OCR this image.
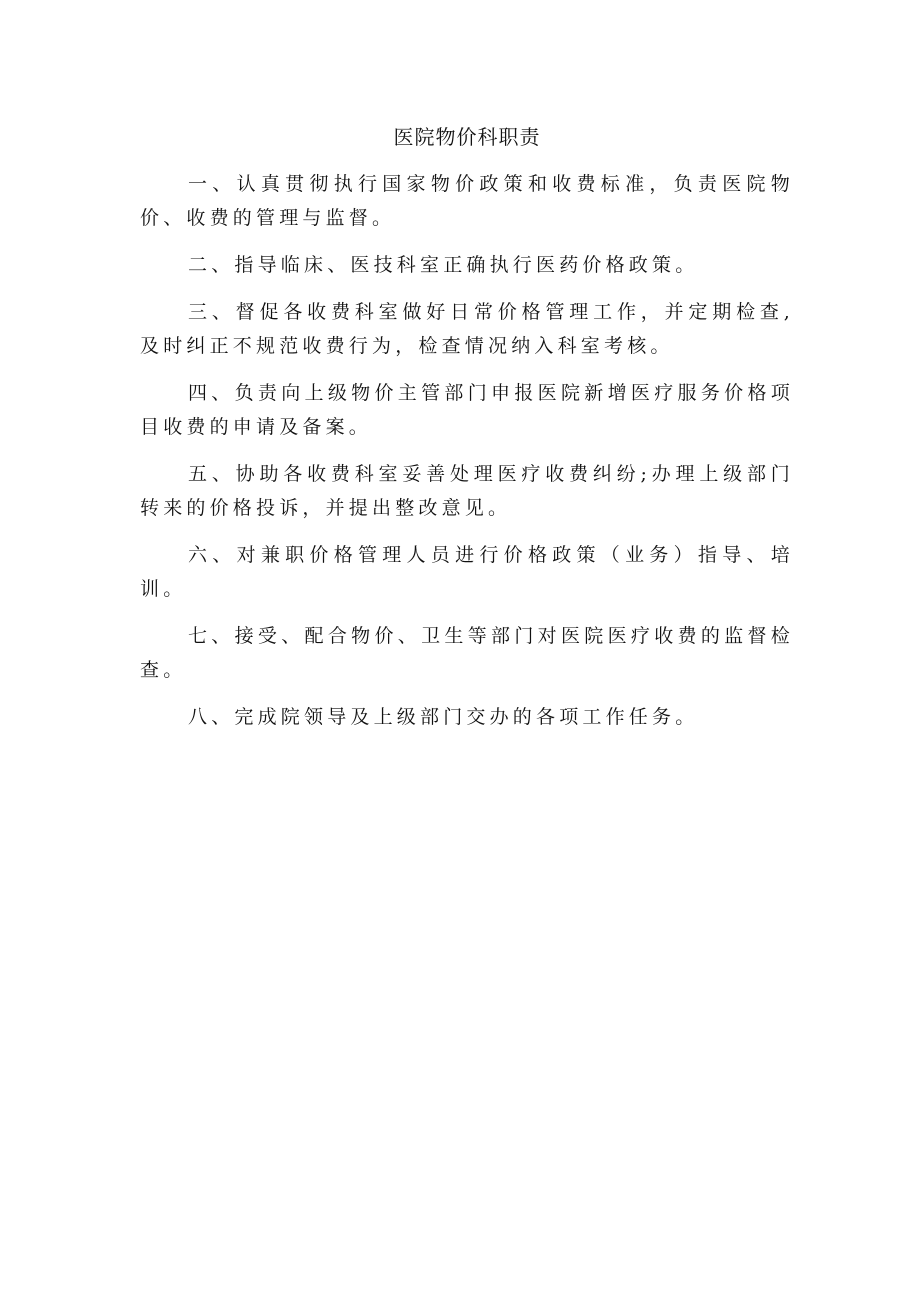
医院物价科职责

一、认真贯彻执行国家物价政策和收费标准，负责医院物价、收费的管理与监督。

二、指导临床、医技科室正确执行医药价格政策。

三、督促各收费科室做好日常价格管理工作，并定期检查,及时纠正不规范收费行为，检查情况纳入科室考核。

四、负责向上级物价主管部门申报医院新增医疗服务价格项目收费的申请及备案。

五、协助各收费科室妥善处理医疗收费纠纷;办理上级部门转来的价格投诉，并提出整改意见。

六、对兼职价格管理人员进行价格政策（业务）指导、培训。

七、接受、配合物价、卫生等部门对医院医疗收费的监督检查。

八、完成院领导及上级部门交办的各项工作任务。
